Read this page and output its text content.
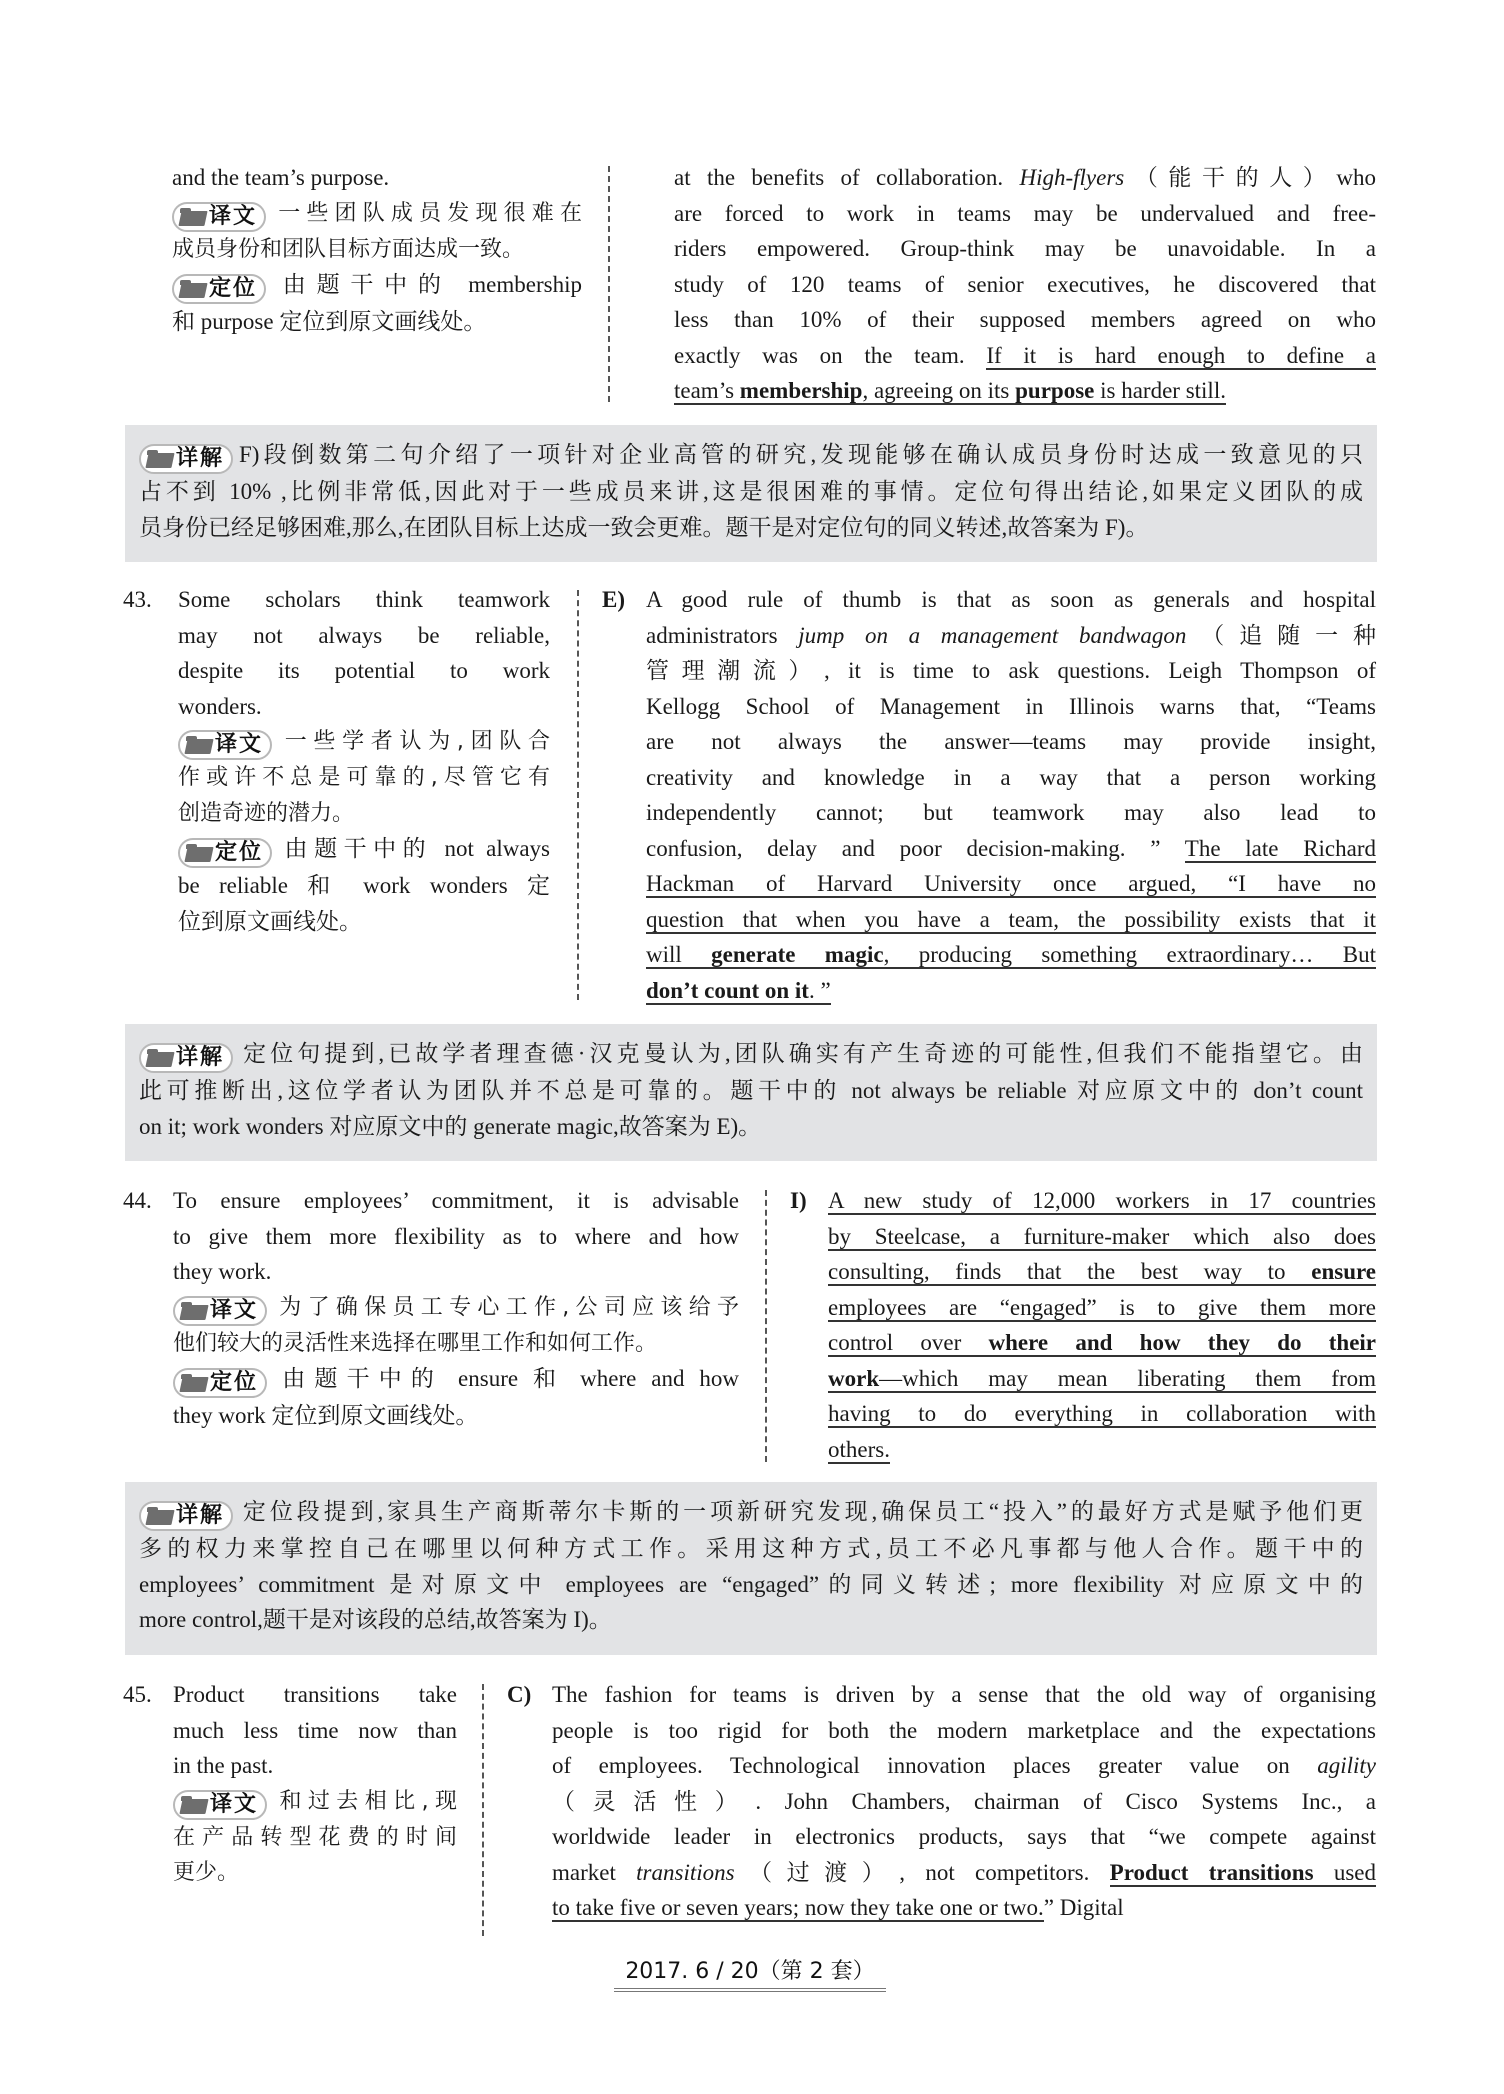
and the team’s purpose.
译文 一些团队成员发现很难在
成员身份和团队目标方面达成一致。
定位 由题干中的 membership
和 purpose 定位到原文画线处。
at the benefits of collaboration. High-flyers（能干的人）who
are forced to work in teams may be undervalued and free-
riders empowered. Group-think may be unavoidable. In a
study of 120 teams of senior executives, he discovered that
less than 10% of their supposed members agreed on who
exactly was on the team. If it is hard enough to define a
team’s membership, agreeing on its purpose is harder still.
详解 F)段倒数第二句介绍了一项针对企业高管的研究,发现能够在确认成员身份时达成一致意见的只
占不到 10% ,比例非常低,因此对于一些成员来讲,这是很困难的事情。定位句得出结论,如果定义团队的成
员身份已经足够困难,那么,在团队目标上达成一致会更难。题干是对定位句的同义转述,故答案为 F)。
43. Some scholars think teamwork
may not always be reliable,
despite its potential to work
wonders.
译文 一些学者认为,团队合
作或许不总是可靠的,尽管它有
创造奇迹的潜力。
定位 由题干中的 not always
be reliable 和 work wonders 定
位到原文画线处。
E) A good rule of thumb is that as soon as generals and hospital
administrators jump on a management bandwagon（追随一种
管理潮流）, it is time to ask questions. Leigh Thompson of
Kellogg School of Management in Illinois warns that, “Teams
are not always the answer—teams may provide insight,
creativity and knowledge in a way that a person working
independently cannot; but teamwork may also lead to
confusion, delay and poor decision-making. ” The late Richard
Hackman of Harvard University once argued, “I have no
question that when you have a team, the possibility exists that it
will generate magic, producing something extraordinary… But
don’t count on it. ”
详解 定位句提到,已故学者理查德·汉克曼认为,团队确实有产生奇迹的可能性,但我们不能指望它。由
此可推断出,这位学者认为团队并不总是可靠的。题干中的 not always be reliable 对应原文中的 don’t count
on it; work wonders 对应原文中的 generate magic,故答案为 E)。
44. To ensure employees’ commitment, it is advisable
to give them more flexibility as to where and how
they work.
译文 为了确保员工专心工作,公司应该给予
他们较大的灵活性来选择在哪里工作和如何工作。
定位 由题干中的 ensure 和 where and how
they work 定位到原文画线处。
I) A new study of 12,000 workers in 17 countries
by Steelcase, a furniture-maker which also does
consulting, finds that the best way to ensure
employees are “engaged” is to give them more
control over where and how they do their
work—which may mean liberating them from
having to do everything in collaboration with
others.
详解 定位段提到,家具生产商斯蒂尔卡斯的一项新研究发现,确保员工“投入”的最好方式是赋予他们更
多的权力来掌控自己在哪里以何种方式工作。采用这种方式,员工不必凡事都与他人合作。题干中的
employees’ commitment 是对原文中 employees are “engaged”的同义转述; more flexibility 对应原文中的
more control,题干是对该段的总结,故答案为 I)。
45. Product transitions take
much less time now than
in the past.
译文 和过去相比,现
在产品转型花费的时间
更少。
C) The fashion for teams is driven by a sense that the old way of organising
people is too rigid for both the modern marketplace and the expectations
of employees. Technological innovation places greater value on agility
（灵活性）. John Chambers, chairman of Cisco Systems Inc., a
worldwide leader in electronics products, says that “we compete against
market transitions（过渡）, not competitors. Product transitions used
to take five or seven years; now they take one or two.” Digital
2017. 6 / 20（第 2 套）
